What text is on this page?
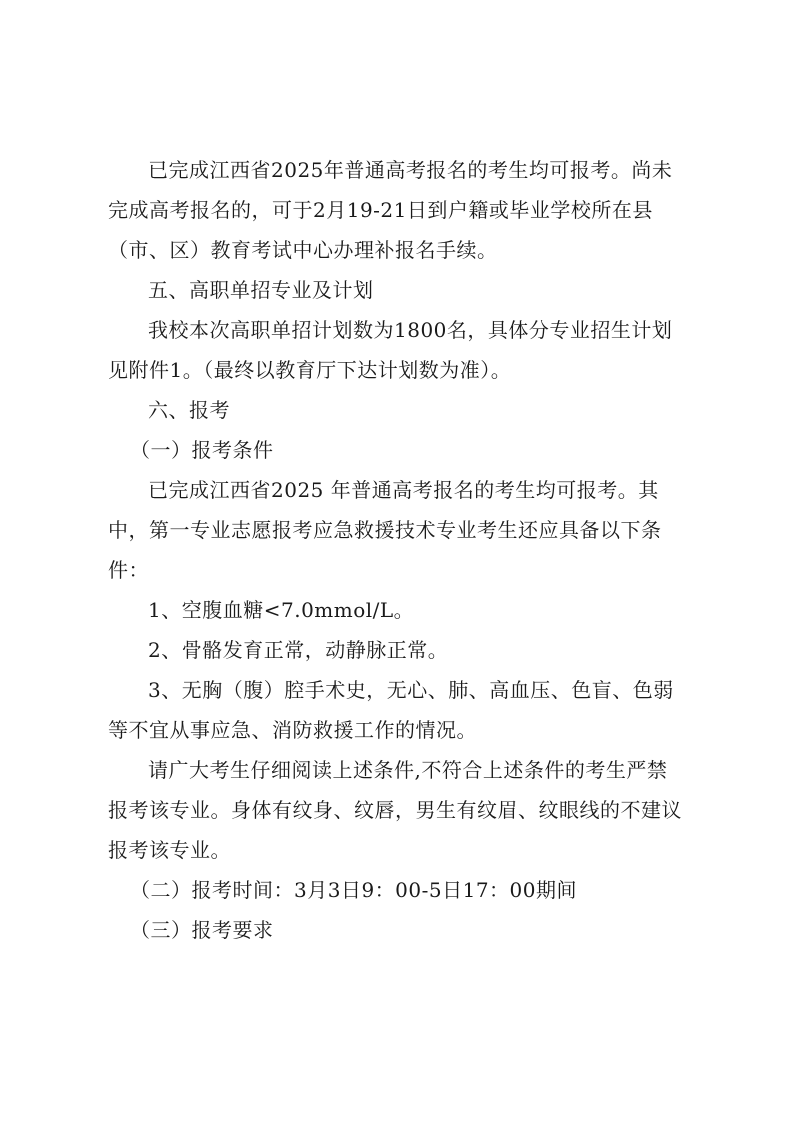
已完成江西省2025年普通高考报名的考生均可报考。尚未
完成高考报名的，可于2月19-21日到户籍或毕业学校所在县
（市、区）教育考试中心办理补报名手续。
五、高职单招专业及计划
我校本次高职单招计划数为1800名，具体分专业招生计划
见附件1。（最终以教育厅下达计划数为准）。
六、报考
（一）报考条件
已完成江西省2025 年普通高考报名的考生均可报考。其
中，第一专业志愿报考应急救援技术专业考生还应具备以下条
件：
1、空腹血糖<7.0mmol/L。
2、骨骼发育正常，动静脉正常。
3、无胸（腹）腔手术史，无心、肺、高血压、色盲、色弱
等不宜从事应急、消防救援工作的情况。
请广大考生仔细阅读上述条件,不符合上述条件的考生严禁
报考该专业。身体有纹身、纹唇，男生有纹眉、纹眼线的不建议
报考该专业。
（二）报考时间：3月3日9：00-5日17：00期间
（三）报考要求
